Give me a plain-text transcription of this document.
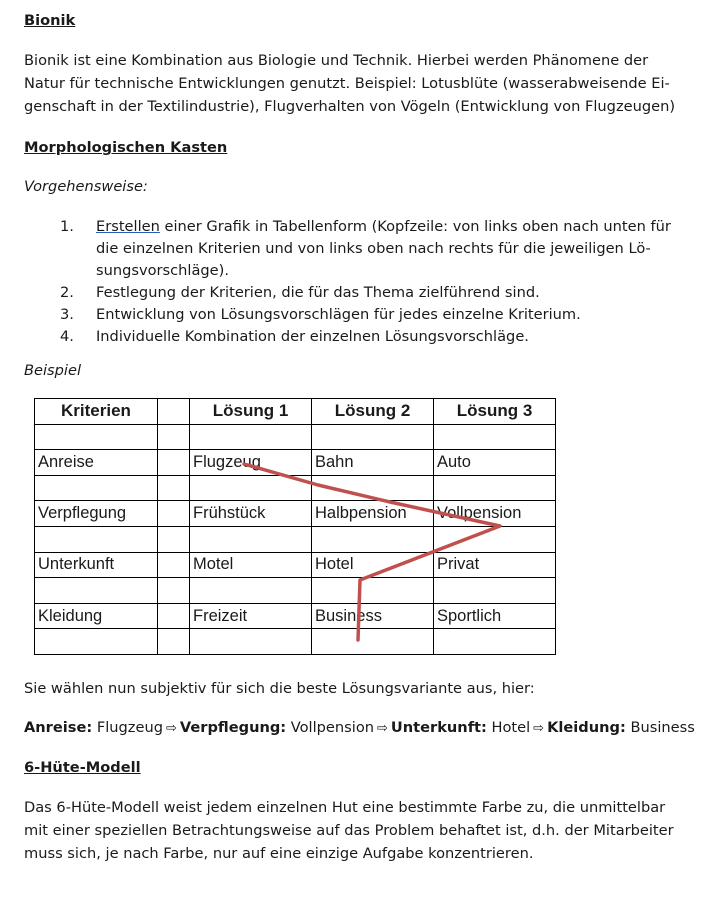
Bionik
Bionik ist eine Kombination aus Biologie und Technik. Hierbei werden Phänomene der
Natur für technische Entwicklungen genutzt. Beispiel: Lotusblüte (wasserabweisende Ei-
genschaft in der Textilindustrie), Flugverhalten von Vögeln (Entwicklung von Flugzeugen)
Morphologischen Kasten
Vorgehensweise:
1. Erstellen einer Grafik in Tabellenform (Kopfzeile: von links oben nach unten für
die einzelnen Kriterien und von links oben nach rechts für die jeweiligen Lö-
sungsvorschläge).
2. Festlegung der Kriterien, die für das Thema zielführend sind.
3. Entwicklung von Lösungsvorschlägen für jedes einzelne Kriterium.
4. Individuelle Kombination der einzelnen Lösungsvorschläge.
Beispiel
Kriterien		Lösung 1	Lösung 2	Lösung 3

Anreise		Flugzeug	Bahn	Auto

Verpflegung		Frühstück	Halbpension	Vollpension

Unterkunft		Motel	Hotel	Privat

Kleidung		Freizeit	Business	Sportlich

Sie wählen nun subjektiv für sich die beste Lösungsvariante aus, hier:
Anreise: Flugzeug ⇨ Verpflegung: Vollpension ⇨ Unterkunft: Hotel ⇨ Kleidung: Business
6-Hüte-Modell
Das 6-Hüte-Modell weist jedem einzelnen Hut eine bestimmte Farbe zu, die unmittelbar
mit einer speziellen Betrachtungsweise auf das Problem behaftet ist, d.h. der Mitarbeiter
muss sich, je nach Farbe, nur auf eine einzige Aufgabe konzentrieren.
